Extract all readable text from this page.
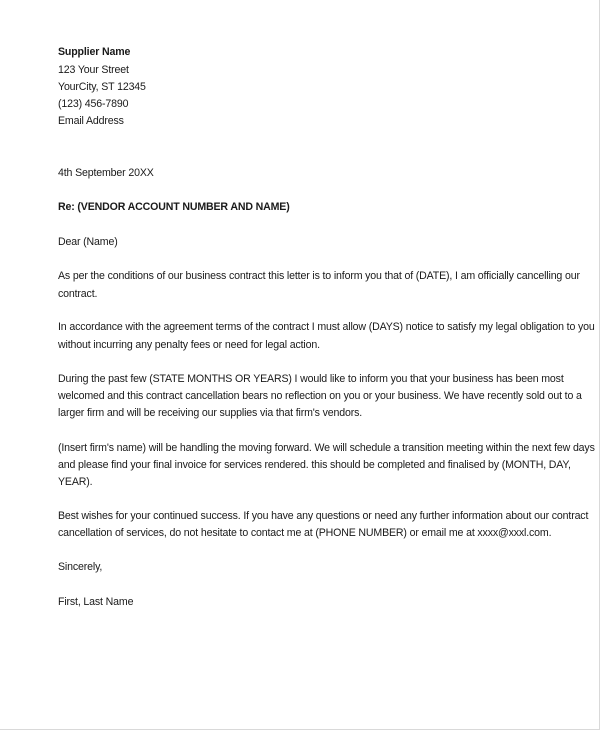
Supplier Name
123 Your Street
YourCity, ST 12345
(123) 456-7890
Email Address
4th September 20XX
Re: (VENDOR ACCOUNT NUMBER AND NAME)
Dear (Name)
As per the conditions of our business contract this letter is to inform you that of (DATE), I am officially cancelling our
contract.
In accordance with the agreement terms of the contract I must allow (DAYS) notice to satisfy my legal obligation to you
without incurring any penalty fees or need for legal action.
During the past few (STATE MONTHS OR YEARS) I would like to inform you that your business has been most
welcomed and this contract cancellation bears no reflection on you or your business. We have recently sold out to a
larger firm and will be receiving our supplies via that firm's vendors.
(Insert firm's name) will be handling the moving forward. We will schedule a transition meeting within the next few days
and please find your final invoice for services rendered. this should be completed and finalised by (MONTH, DAY,
YEAR).
Best wishes for your continued success. If you have any questions or need any further information about our contract
cancellation of services, do not hesitate to contact me at (PHONE NUMBER) or email me at xxxx@xxxl.com.
Sincerely,
First, Last Name
